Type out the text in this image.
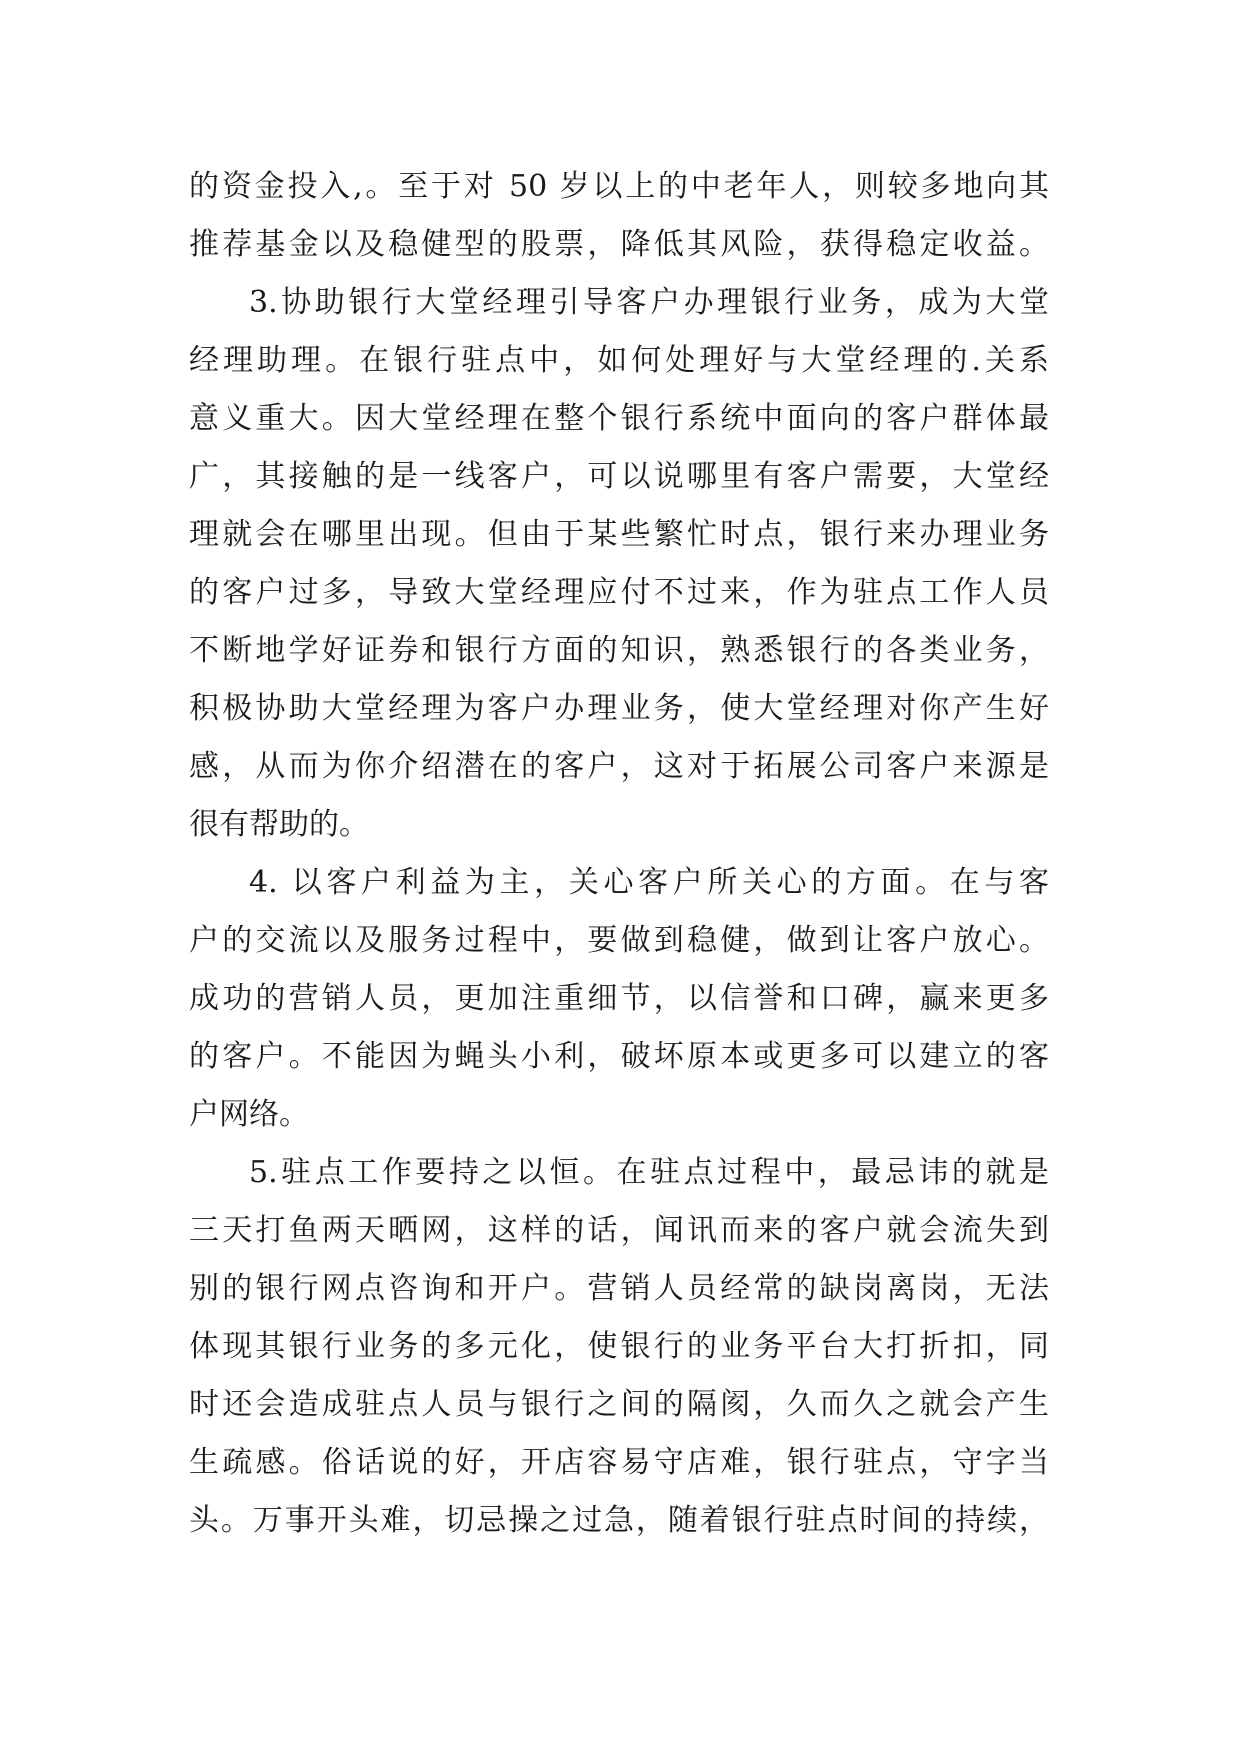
的资金投入,。至于对 50 岁以上的中老年人，则较多地向其
推荐基金以及稳健型的股票，降低其风险，获得稳定收益。
3.协助银行大堂经理引导客户办理银行业务，成为大堂
经理助理。在银行驻点中，如何处理好与大堂经理的.关系
意义重大。因大堂经理在整个银行系统中面向的客户群体最
广，其接触的是一线客户，可以说哪里有客户需要，大堂经
理就会在哪里出现。但由于某些繁忙时点，银行来办理业务
的客户过多，导致大堂经理应付不过来，作为驻点工作人员
不断地学好证券和银行方面的知识，熟悉银行的各类业务，
积极协助大堂经理为客户办理业务，使大堂经理对你产生好
感，从而为你介绍潜在的客户，这对于拓展公司客户来源是
很有帮助的。
4. 以客户利益为主，关心客户所关心的方面。在与客
户的交流以及服务过程中，要做到稳健，做到让客户放心。
成功的营销人员，更加注重细节，以信誉和口碑，赢来更多
的客户。不能因为蝇头小利，破坏原本或更多可以建立的客
户网络。
5.驻点工作要持之以恒。在驻点过程中，最忌讳的就是
三天打鱼两天晒网，这样的话，闻讯而来的客户就会流失到
别的银行网点咨询和开户。营销人员经常的缺岗离岗，无法
体现其银行业务的多元化，使银行的业务平台大打折扣，同
时还会造成驻点人员与银行之间的隔阂，久而久之就会产生
生疏感。俗话说的好，开店容易守店难，银行驻点，守字当
头。万事开头难，切忌操之过急，随着银行驻点时间的持续，
